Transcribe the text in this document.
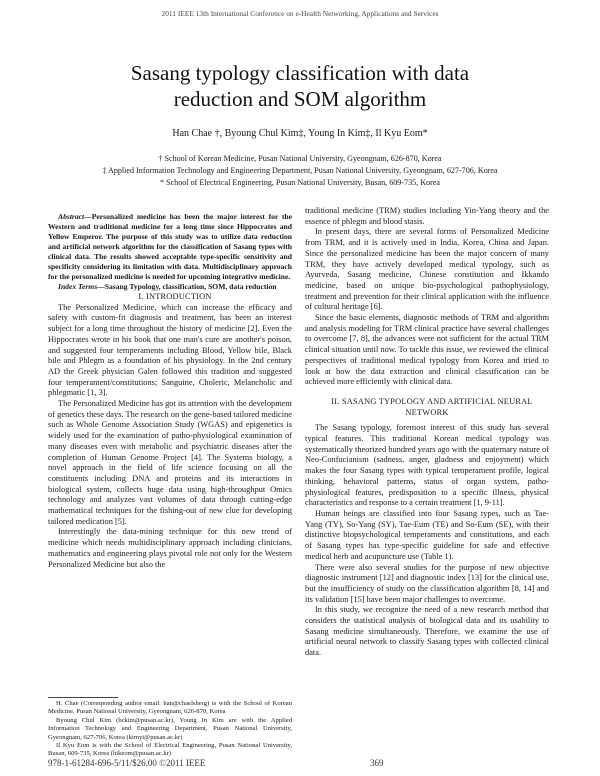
2011 IEEE 13th International Conference on e-Health Networking, Applications and Services
Sasang typology classification with data
reduction and SOM algorithm
Han Chae †, Byoung Chul Kim‡, Young In Kim‡, Il Kyu Eom*
† School of Korean Medicine, Pusan National University, Gyeongnam, 626-870, Korea
‡ Applied Information Technology and Engineering Department, Pusan National University, Gyeongnam, 627-706, Korea
* School of Electrical Engineering, Pusan National University, Busan, 609-735, Korea

Abstract—Personalized medicine has been the major interest for the Western and traditional medicine for a long time since Hippocrates and Yellow Emperor. The purpose of this study was to utilize data reduction and artificial network algorithm for the classification of Sasang types with clinical data. The results showed acceptable type-specific sensitivity and specificity considering its limitation with data. Multidisciplinary approach for the personalized medicine is needed for upcoming integrative medicine.

Index Terms—Sasang Typology, classification, SOM, data reduction

I. INTRODUCTION

The Personalized Medicine, which can increase the efficacy and safety with custom-fit diagnosis and treatment, has been an interest subject for a long time throughout the history of medicine [2]. Even the Hippocrates wrote in his book that one man's cure are another's poison, and suggested four temperaments including Blood, Yellow bile, Black bile and Phlegm as a foundation of his physiology. In the 2nd century AD the Greek physician Galen followed this tradition and suggested four temperament/constitutions; Sanguine, Choleric, Melancholic and phlegmatic [1, 3].

The Personalized Medicine has got its attention with the development of genetics these days. The research on the gene-based tailored medicine such as Whole Genome Association Study (WGAS) and epigenetics is widely used for the examination of patho-physiological examination of many diseases even with metabolic and psychiatric diseases after the completion of Human Genome Project [4]. The Systems biology, a novel approach in the field of life science focusing on all the constituents including DNA and proteins and its interactions in biological system, collects huge data using high-throughput Omics technology and analyzes vast volumes of data through cutting-edge mathematical techniques for the fishing-out of new clue for developing tailored medication [5].

Interestingly the data-mining technique for this new trend of medicine which needs multidisciplinary approach including clinicians, mathematics and engineering plays pivotal role not only for the Western Personalized Medicine but also the

H. Chae (Corresponding author email: han@chaelsherg) is with the School of Korean Medicine, Pusan National University, Gyeongnam, 626-870, Korea

Byoung Chul Kim (bckim@pusan.ac.kr), Young In Kim are with the Applied Information Technology and Engineering Department, Pusan National University, Gyeongnam, 627-706, Korea (kimyi@pusan.ac.kr)

Il Kyu Eom is with the School of Electrical Engineering, Pusan National University, Busan, 609-735, Korea (hikeom@pusan.ac.kr)

traditional medicine (TRM) studies including Yin-Yang theory and the essence of phlegm and blood stasis.

In present days, there are several forms of Personalized Medicine from TRM, and it is actively used in India, Korea, China and Japan. Since the personalized medicine has been the major concern of many TRM, they have actively developed medical typology, such as Ayurveda, Sasang medicine, Chinese constitution and Ikkando medicine, based on unique bio-psychological pathophysiology, treatment and prevention for their clinical application with the influence of cultural heritage [6].

Since the basic elements, diagnostic methods of TRM and algorithm and analysis modeling for TRM clinical practice have several challenges to overcome [7, 8], the advances were not sufficient for the actual TRM clinical situation until now. To tackle this issue, we reviewed the clinical perspectives of traditional medical typology from Korea and tried to look at how the data extraction and clinical classification can be achieved more efficiently with clinical data.

II. SASANG TYPOLOGY AND ARTIFICIAL NEURAL NETWORK

The Sasang typology, foremost interest of this study has several typical features. This traditional Korean medical typology was systematically theorized hundred years ago with the quaternary nature of Neo-Confucianism (sadness, anger, gladness and enjoyment) which makes the four Sasang types with typical temperament profile, logical thinking, behavioral patterns, status of organ system, patho-physiological features, predisposition to a specific illness, physical characteristics and response to a certain treatment [1, 9-11].

Human beings are classified into four Sasang types, such as Tae-Yang (TY), So-Yang (SY), Tae-Eum (TE) and So-Eum (SE), with their distinctive biopsychological temperaments and constitutions, and each of Sasang types has type-specific guideline for safe and effective medical herb and acupuncture use (Table 1).

There were also several studies for the purpose of new objective diagnostic instrument [12] and diagnostic index [13] for the clinical use, but the insufficiency of study on the classification algorithm [8, 14] and its validation [15] have been major challenges to overcome.

In this study, we recognize the need of a new research method that considers the statistical analysis of biological data and its usability to Sasang medicine simultaneously. Therefore, we examine the use of artificial neural network to classify Sasang types with collected clinical data.

978-1-61284-696-5/11/$26.00 ©2011 IEEE	369
